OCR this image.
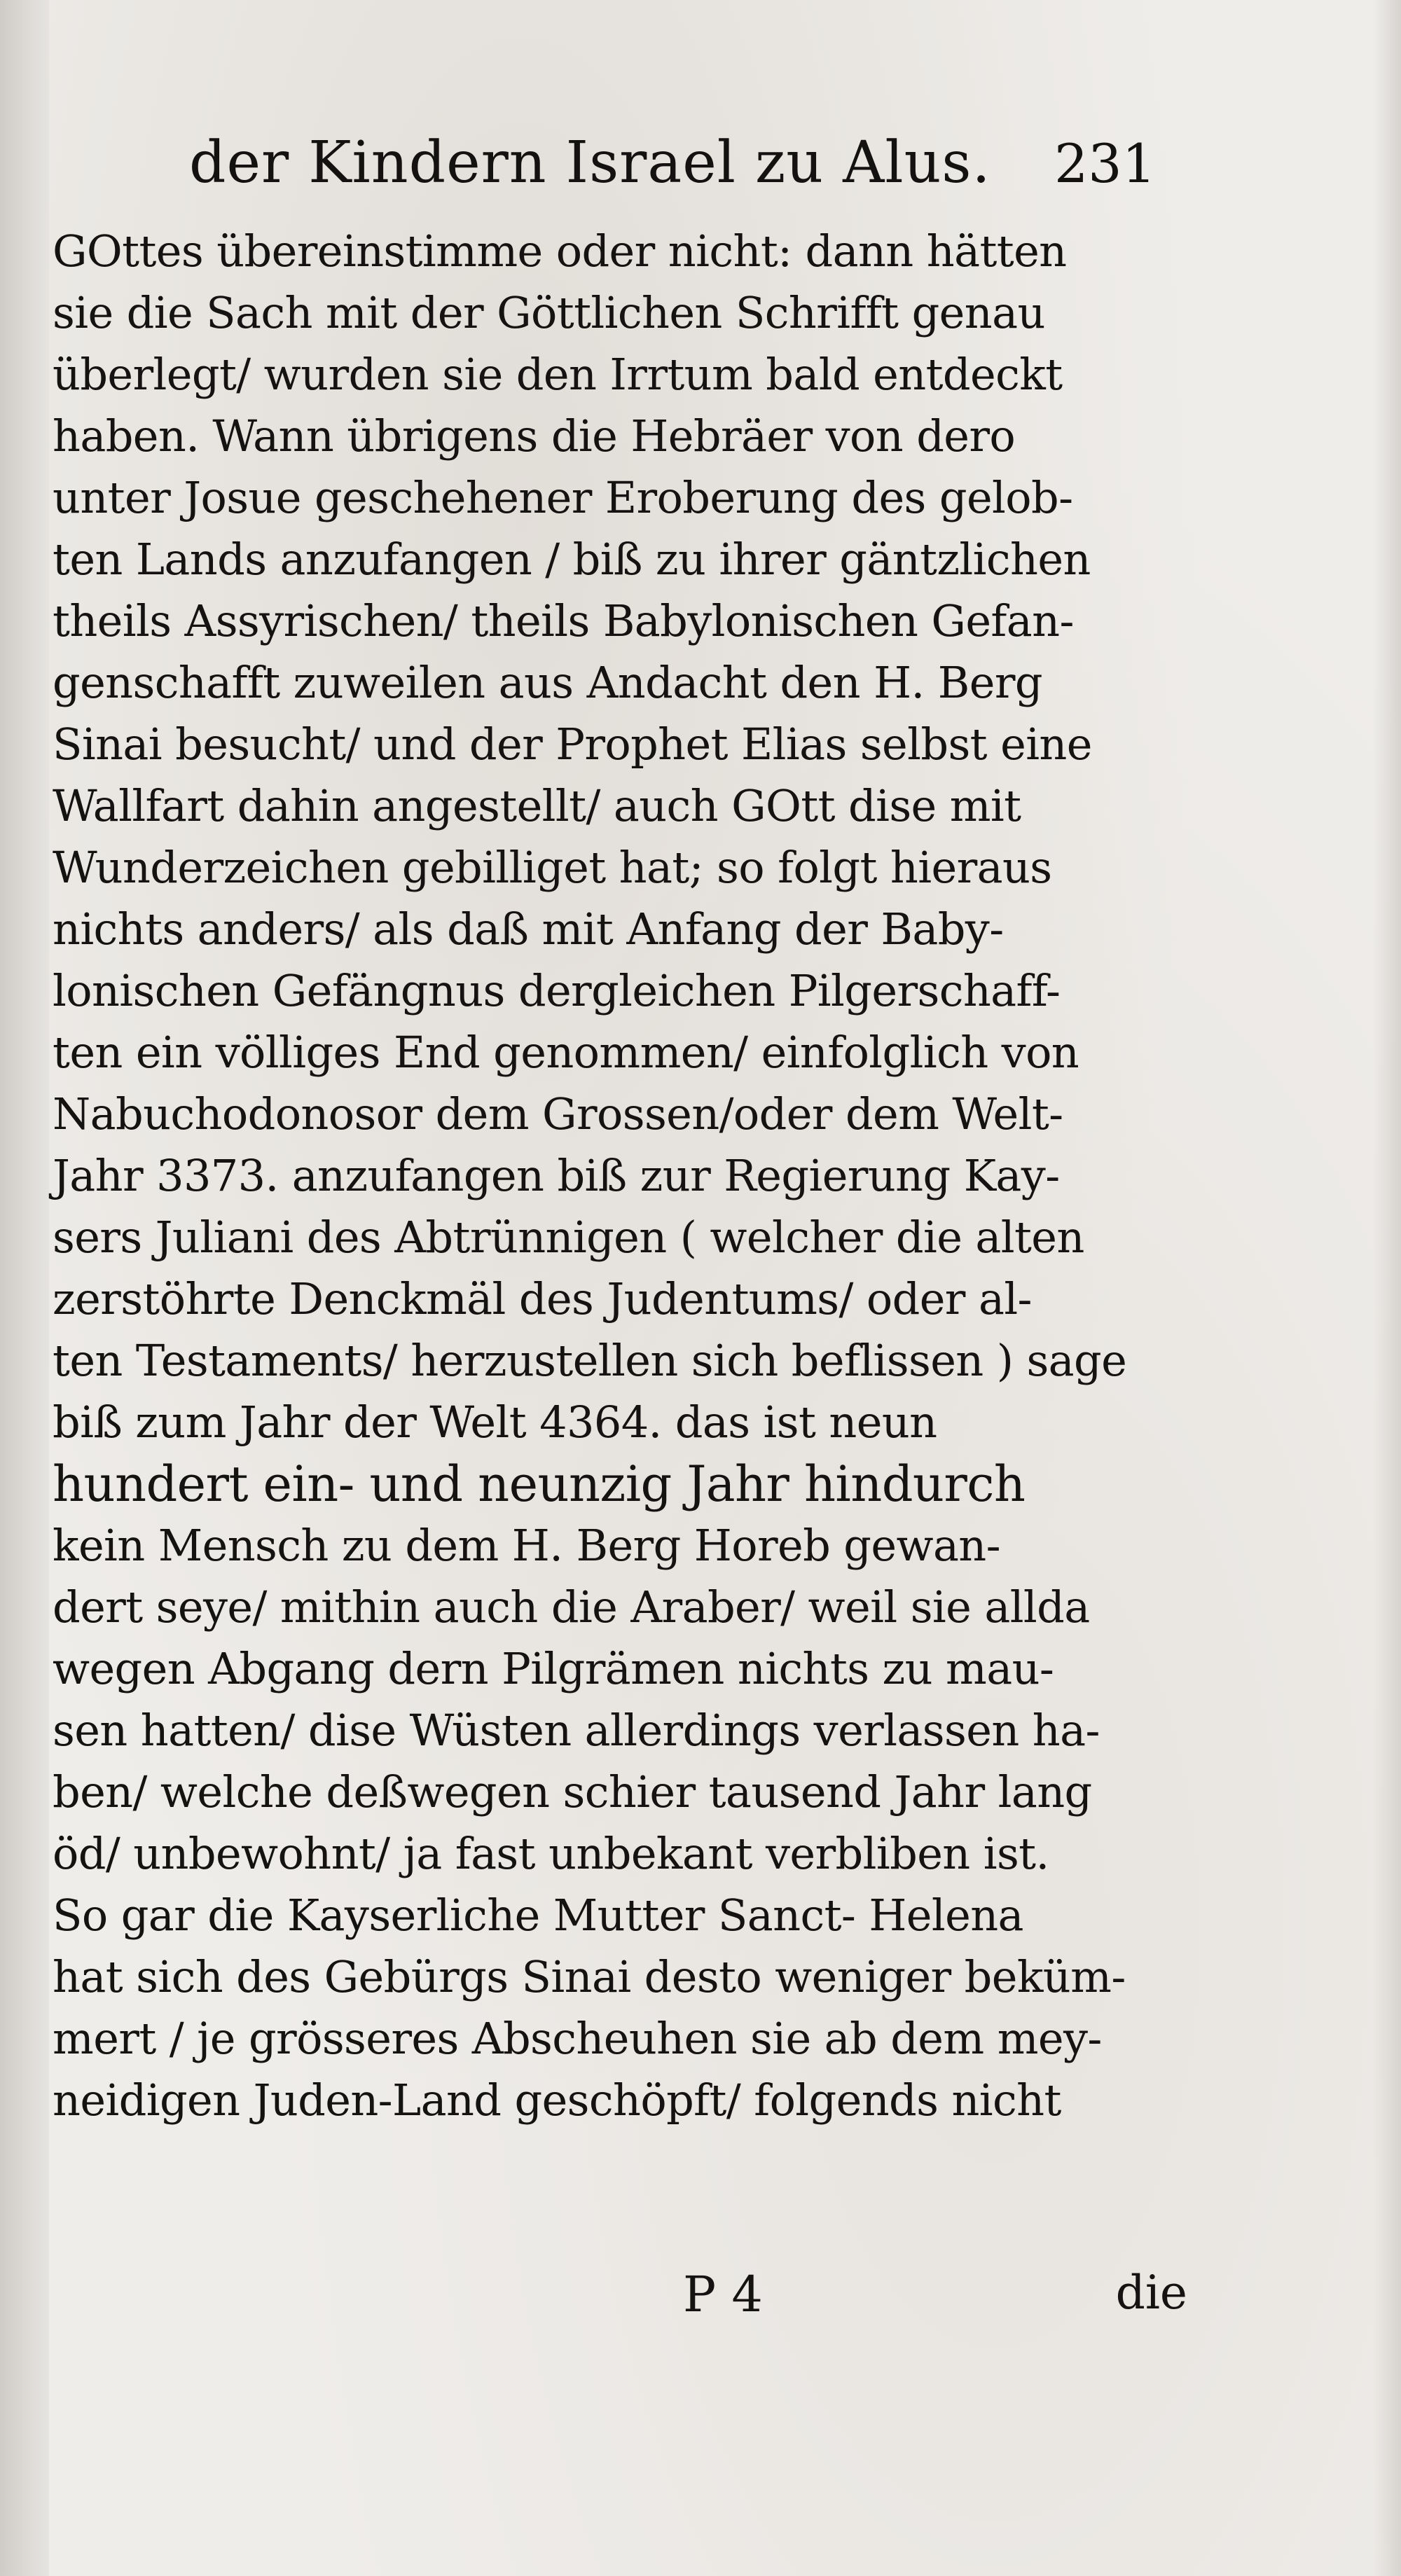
der Kindern Israel zu Alus. 231
GOttes übereinstimme oder nicht: dann hätten
sie die Sach mit der Göttlichen Schrifft genau
überlegt/ wurden sie den Irrtum bald entdeckt
haben. Wann übrigens die Hebräer von dero
unter Josue geschehener Eroberung des gelob-
ten Lands anzufangen / biß zu ihrer gäntzlichen
theils Assyrischen/ theils Babylonischen Gefan-
genschafft zuweilen aus Andacht den H. Berg
Sinai besucht/ und der Prophet Elias selbst eine
Wallfart dahin angestellt/ auch GOtt dise mit
Wunderzeichen gebilliget hat; so folgt hieraus
nichts anders/ als daß mit Anfang der Baby-
lonischen Gefängnus dergleichen Pilgerschaff-
ten ein völliges End genommen/ einfolglich von
Nabuchodonosor dem Grossen/oder dem Welt-
Jahr 3373. anzufangen biß zur Regierung Kay-
sers Juliani des Abtrünnigen ( welcher die alten
zerstöhrte Denckmäl des Judentums/ oder al-
ten Testaments/ herzustellen sich beflissen ) sage
biß zum Jahr der Welt 4364. das ist neun
hundert ein- und neunzig Jahr hindurch
kein Mensch zu dem H. Berg Horeb gewan-
dert seye/ mithin auch die Araber/ weil sie allda
wegen Abgang dern Pilgrämen nichts zu mau-
sen hatten/ dise Wüsten allerdings verlassen ha-
ben/ welche deßwegen schier tausend Jahr lang
öd/ unbewohnt/ ja fast unbekant verbliben ist.
So gar die Kayserliche Mutter Sanct- Helena
hat sich des Gebürgs Sinai desto weniger beküm-
mert / je grösseres Abscheuhen sie ab dem mey-
neidigen Juden-Land geschöpft/ folgends nicht
P 4	die
